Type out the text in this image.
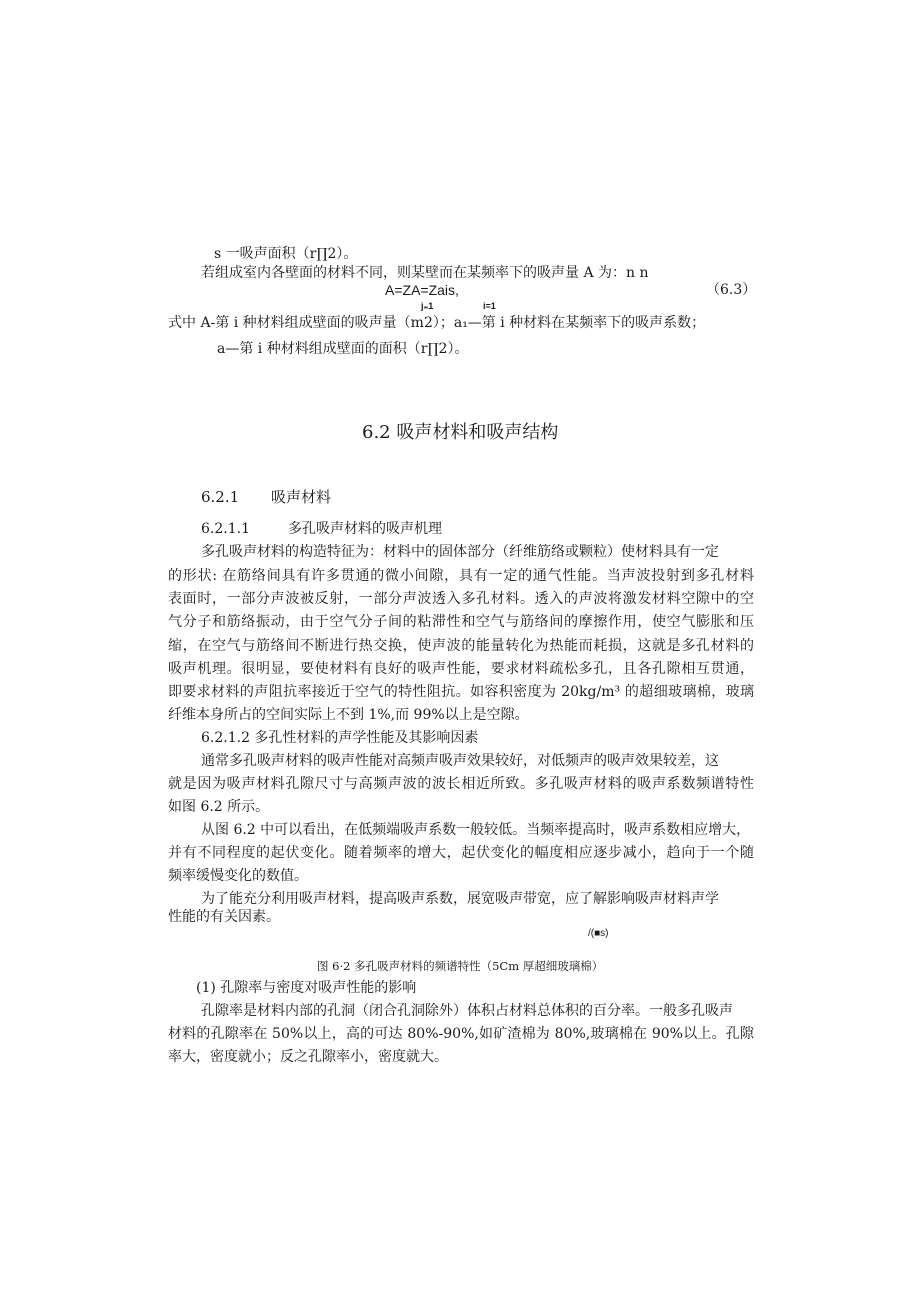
s 一吸声面积（r∏2）。
若组成室内各壁面的材料不同，则某壁而在某频率下的吸声量 A 为：n n
A=ZA=Zais,	（6.3）
j₌1	i=1
式中 A-第 i 种材料组成壁面的吸声量（m2）；a₁—第 i 种材料在某频率下的吸声系数；
a—第 i 种材料组成壁面的面积（r∏2）。
6.2 吸声材料和吸声结构
6.2.1 吸声材料
6.2.1.1	多孔吸声材料的吸声机理
多孔吸声材料的构造特征为：材料中的固体部分（纤维筋络或颗粒）使材料具有一定
的形状: 在筋络间具有许多贯通的微小间隙，具有一定的通气性能。当声波投射到多孔材料
表面时，一部分声波被反射，一部分声波透入多孔材料。透入的声波将激发材料空隙中的空
气分子和筋络振动，由于空气分子间的粘滞性和空气与筋络间的摩擦作用，使空气膨胀和压
缩，在空气与筋络间不断进行热交换，使声波的能量转化为热能而耗损，这就是多孔材料的
吸声机理。很明显，要使材料有良好的吸声性能，要求材料疏松多孔，且各孔隙相互贯通，
即要求材料的声阻抗率接近于空气的特性阻抗。如容积密度为 20kg∕m³ 的超细玻璃棉，玻璃
纤维本身所占的空间实际上不到 1%,而 99%以上是空隙。
6.2.1.2 多孔性材料的声学性能及其影响因素
通常多孔吸声材料的吸声性能对高频声吸声效果较好，对低频声的吸声效果较差，这
就是因为吸声材料孔隙尺寸与高频声波的波长相近所致。多孔吸声材料的吸声系数频谱特性
如图 6.2 所示。
从图 6.2 中可以看出，在低频端吸声系数一般较低。当频率提高时，吸声系数相应增大，
并有不同程度的起伏变化。随着频率的增大，起伏变化的幅度相应逐步减小，趋向于一个随
频率缓慢变化的数值。
为了能充分利用吸声材料，提高吸声系数，展宽吸声带宽，应了解影响吸声材料声学
性能的有关因素。
/(■s)
图 6·2 多孔吸声材料的频谱特性（5Cm 厚超细玻璃棉）
(1) 孔隙率与密度对吸声性能的影响
孔隙率是材料内部的孔洞（闭合孔洞除外）体积占材料总体积的百分率。一般多孔吸声
材料的孔隙率在 50%以上，高的可达 80%-90%,如矿渣棉为 80%,玻璃棉在 90%以上。孔隙
率大，密度就小；反之孔隙率小，密度就大。
